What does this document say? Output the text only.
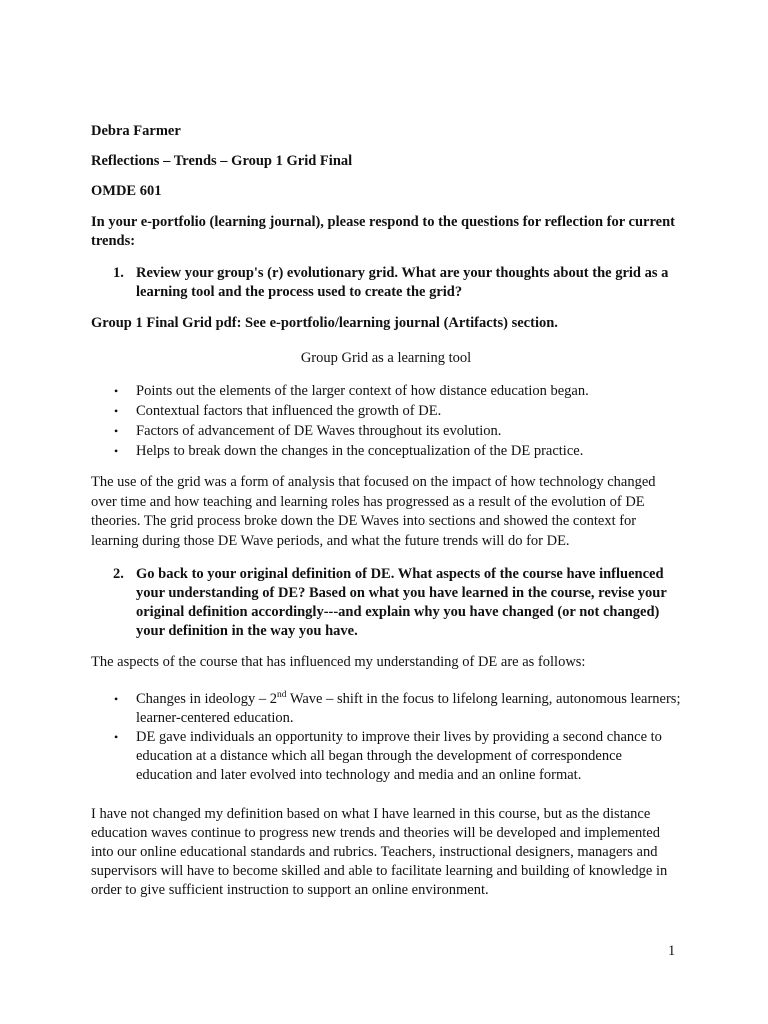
Debra Farmer

Reflections – Trends – Group 1 Grid Final

OMDE 601

In your e-portfolio (learning journal), please respond to the questions for reflection for current trends:

1. Review your group's (r) evolutionary grid. What are your thoughts about the grid as a learning tool and the process used to create the grid?

Group 1 Final Grid pdf: See e-portfolio/learning journal (Artifacts) section.

Group Grid as a learning tool

• Points out the elements of the larger context of how distance education began.
• Contextual factors that influenced the growth of DE.
• Factors of advancement of DE Waves throughout its evolution.
• Helps to break down the changes in the conceptualization of the DE practice.

The use of the grid was a form of analysis that focused on the impact of how technology changed over time and how teaching and learning roles has progressed as a result of the evolution of DE theories. The grid process broke down the DE Waves into sections and showed the context for learning during those DE Wave periods, and what the future trends will do for DE.

2. Go back to your original definition of DE. What aspects of the course have influenced your understanding of DE? Based on what you have learned in the course, revise your original definition accordingly---and explain why you have changed (or not changed) your definition in the way you have.

The aspects of the course that has influenced my understanding of DE are as follows:

• Changes in ideology – 2nd Wave – shift in the focus to lifelong learning, autonomous learners; learner-centered education.
• DE gave individuals an opportunity to improve their lives by providing a second chance to education at a distance which all began through the development of correspondence education and later evolved into technology and media and an online format.

I have not changed my definition based on what I have learned in this course, but as the distance education waves continue to progress new trends and theories will be developed and implemented into our online educational standards and rubrics. Teachers, instructional designers, managers and supervisors will have to become skilled and able to facilitate learning and building of knowledge in order to give sufficient instruction to support an online environment.

1
